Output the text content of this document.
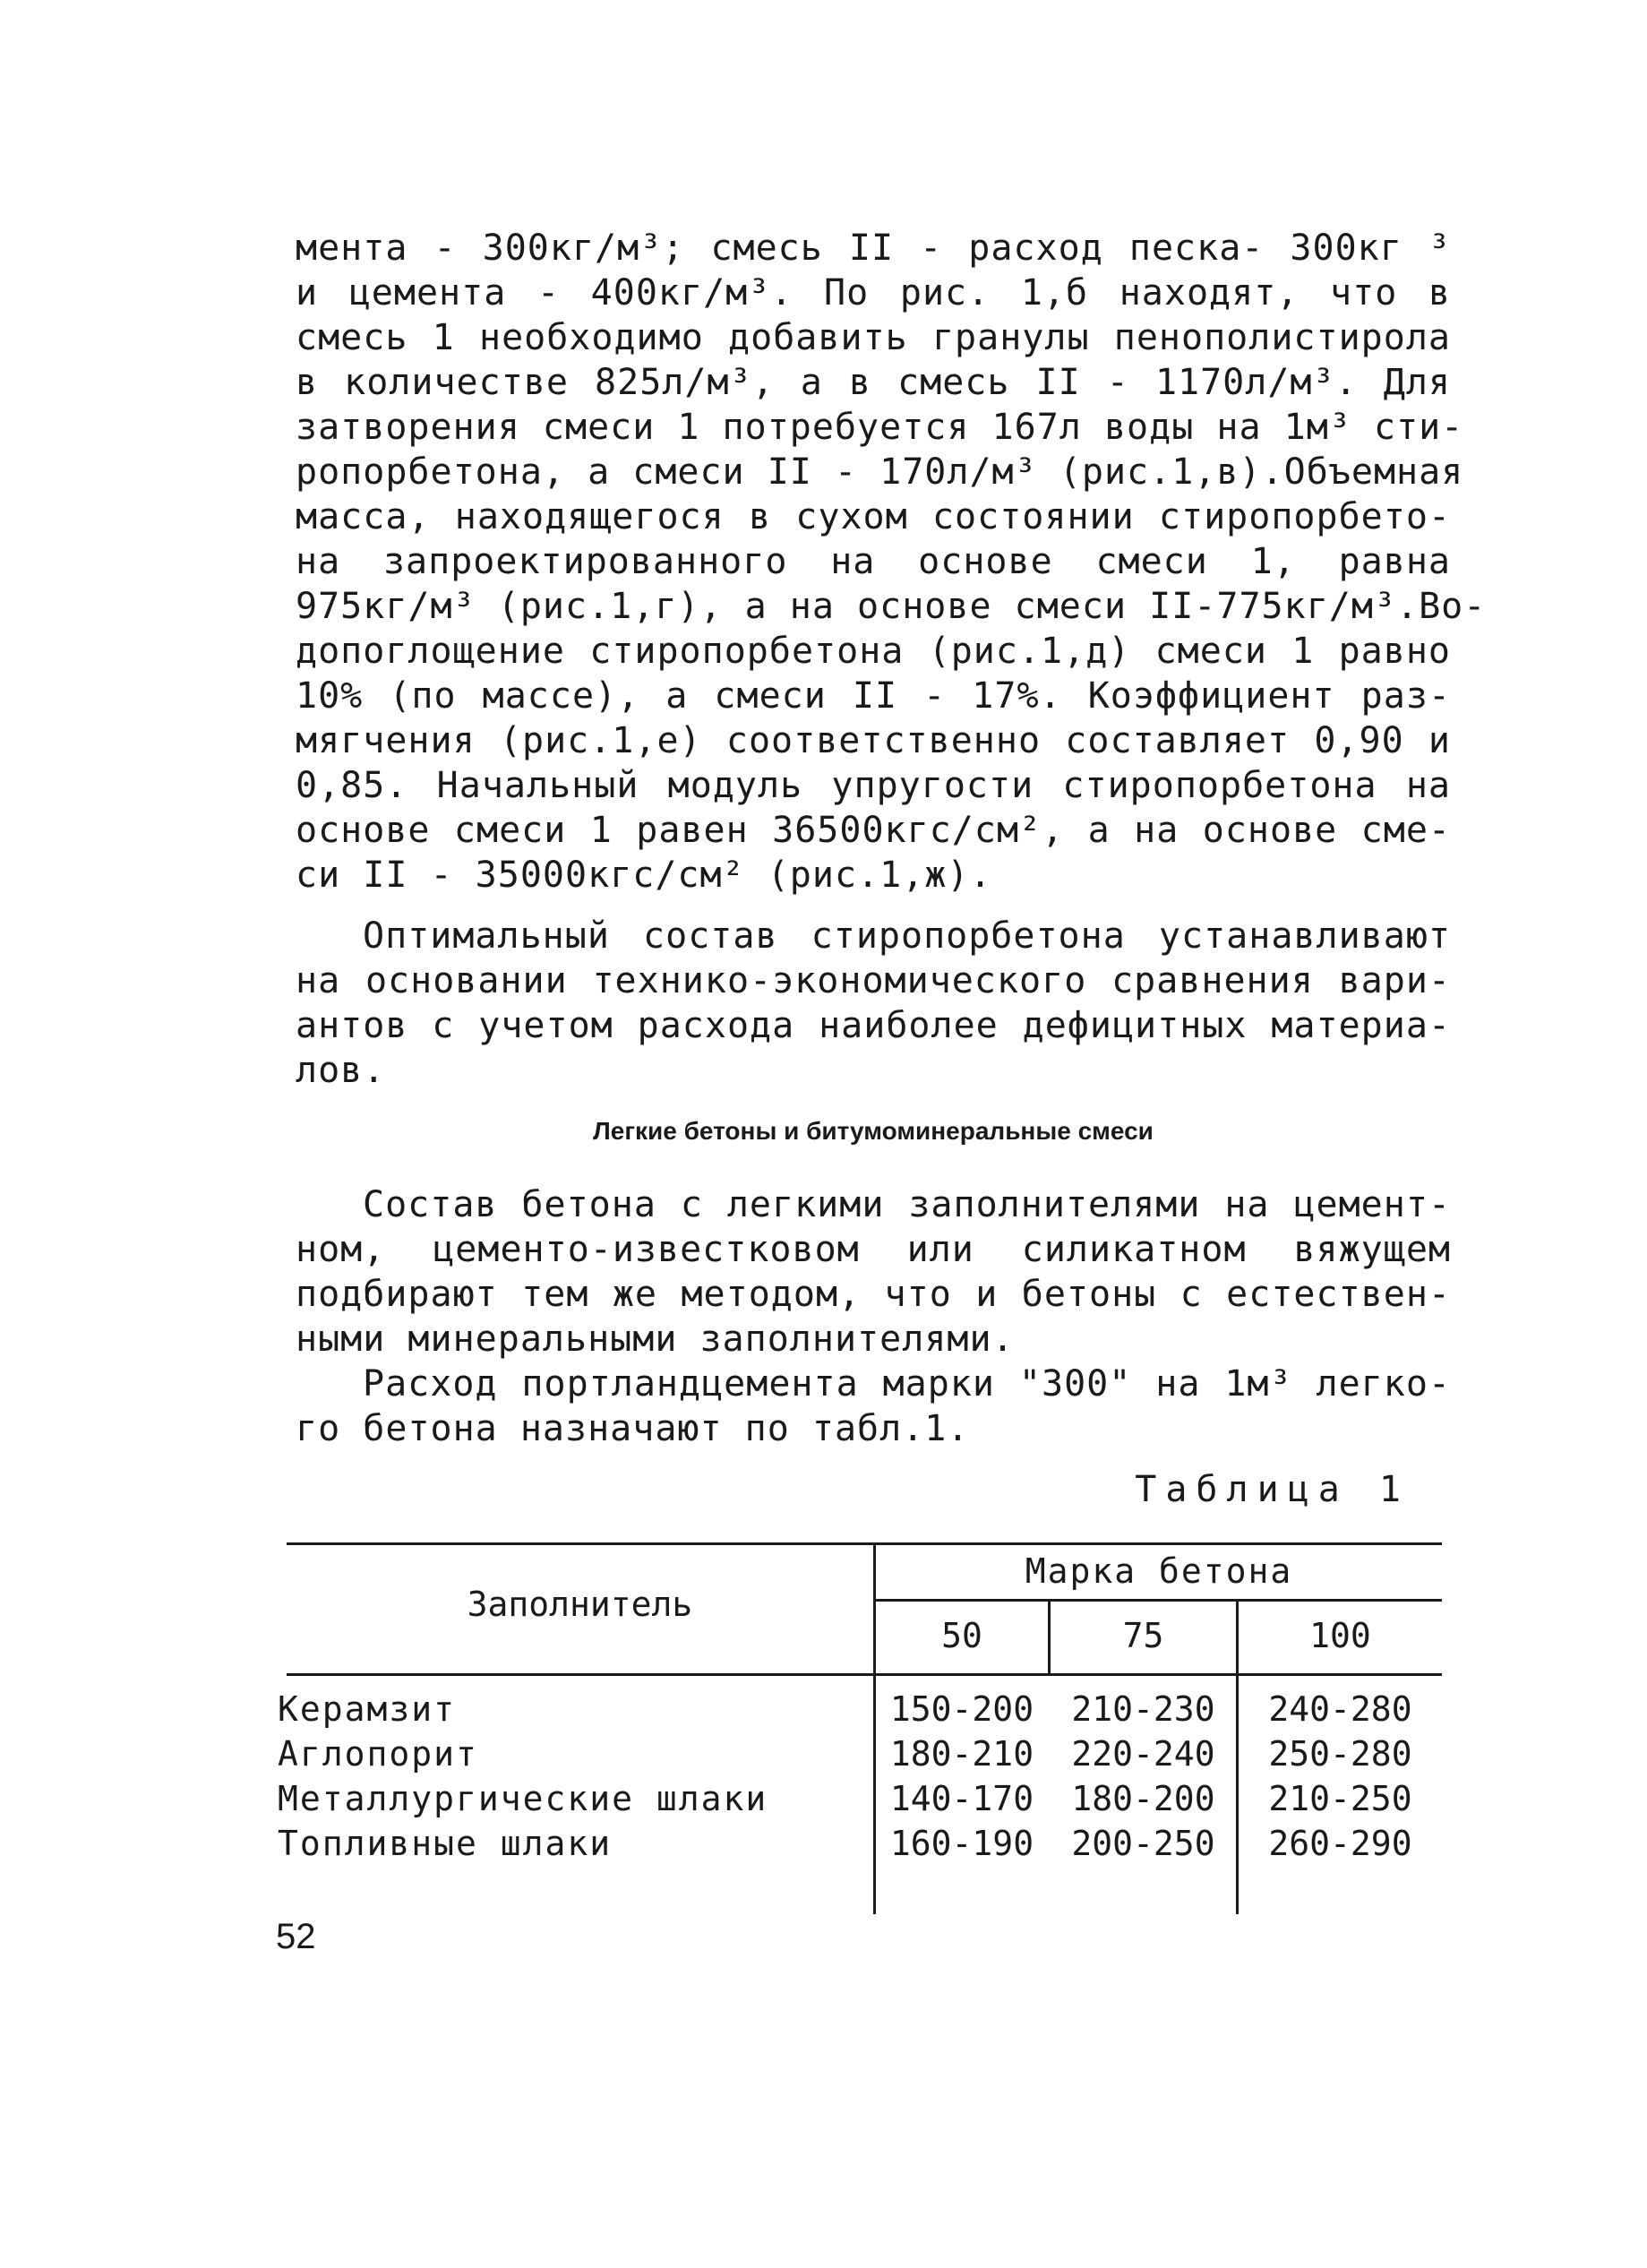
мента - 300кг/м³; смесь II - расход песка- 300кг ³
и цемента - 400кг/м³. По рис. 1,б находят, что в
смесь 1 необходимо добавить гранулы пенополистирола
в количестве 825л/м³, а в смесь II - 1170л/м³. Для
затворения смеси 1 потребуется 167л воды на 1м³ сти-
ропорбетона, а смеси II - 170л/м³ (рис.1,в).Объемная
масса, находящегося в сухом состоянии стиропорбето-
на запроектированного на основе смеси 1, равна
975кг/м³ (рис.1,г), а на основе смеси II-775кг/м³.Во-
допоглощение стиропорбетона (рис.1,д) смеси 1 равно
10% (по массе), а смеси II - 17%. Коэффициент раз-
мягчения (рис.1,е) соответственно составляет 0,90 и
0,85. Начальный модуль упругости стиропорбетона на
основе смеси 1 равен 36500кгс/см², а на основе сме-
си II - 35000кгс/см² (рис.1,ж).
Оптимальный состав стиропорбетона устанавливают
на основании технико-экономического сравнения вари-
антов с учетом расхода наиболее дефицитных материа-
лов.
Легкие бетоны и битумоминеральные смеси
Состав бетона с легкими заполнителями на цемент-
ном, цементо-известковом или силикатном вяжущем
подбирают тем же методом, что и бетоны с естествен-
ными минеральными заполнителями.
Расход портландцемента марки "300" на 1м³ легко-
го бетона назначают по табл.1.
Таблица 1
Заполнитель
Марка бетона
50	75	100
Керамзит	150-200	210-230	240-280
Аглопорит	180-210	220-240	250-280
Металлургические шлаки	140-170	180-200	210-250
Топливные шлаки	160-190	200-250	260-290
52
